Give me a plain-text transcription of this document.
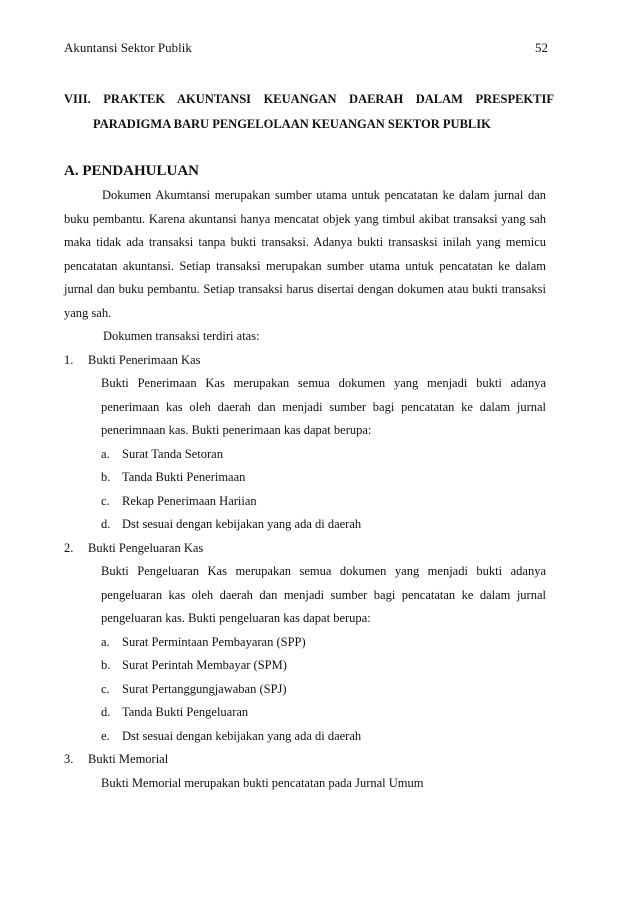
Akuntansi Sektor Publik	52
VIII. PRAKTEK AKUNTANSI KEUANGAN DAERAH DALAM PRESPEKTIF
PARADIGMA BARU PENGELOLAAN KEUANGAN SEKTOR PUBLIK
A. PENDAHULUAN

Dokumen Akumtansi merupakan sumber utama untuk pencatatan ke dalam jurnal dan buku pembantu. Karena akuntansi hanya mencatat objek yang timbul akibat transaksi yang sah maka tidak ada transaksi tanpa bukti transaksi. Adanya bukti transasksi inilah yang memicu pencatatan akuntansi. Setiap transaksi merupakan sumber utama untuk pencatatan ke dalam jurnal dan buku pembantu. Setiap transaksi harus disertai dengan dokumen atau bukti transaksi yang sah.

Dokumen transaksi terdiri atas:

1.	Bukti Penerimaan Kas

Bukti Penerimaan Kas merupakan semua dokumen yang menjadi bukti adanya penerimaan kas oleh daerah dan menjadi sumber bagi pencatatan ke dalam jurnal penerimnaan kas. Bukti penerimaan kas dapat berupa:

a. Surat Tanda Setoran
b. Tanda Bukti Penerimaan
c. Rekap Penerimaan Hariian
d. Dst sesuai dengan kebijakan yang ada di daerah
2.	Bukti Pengeluaran Kas

Bukti Pengeluaran Kas merupakan semua dokumen yang menjadi bukti adanya pengeluaran kas oleh daerah dan menjadi sumber bagi pencatatan ke dalam jurnal pengeluaran kas. Bukti pengeluaran kas dapat berupa:

a. Surat Permintaan Pembayaran (SPP)
b. Surat Perintah Membayar (SPM)
c. Surat Pertanggungjawaban (SPJ)
d. Tanda Bukti Pengeluaran
e. Dst sesuai dengan kebijakan yang ada di daerah
3.	Bukti Memorial

Bukti Memorial merupakan bukti pencatatan pada Jurnal Umum
